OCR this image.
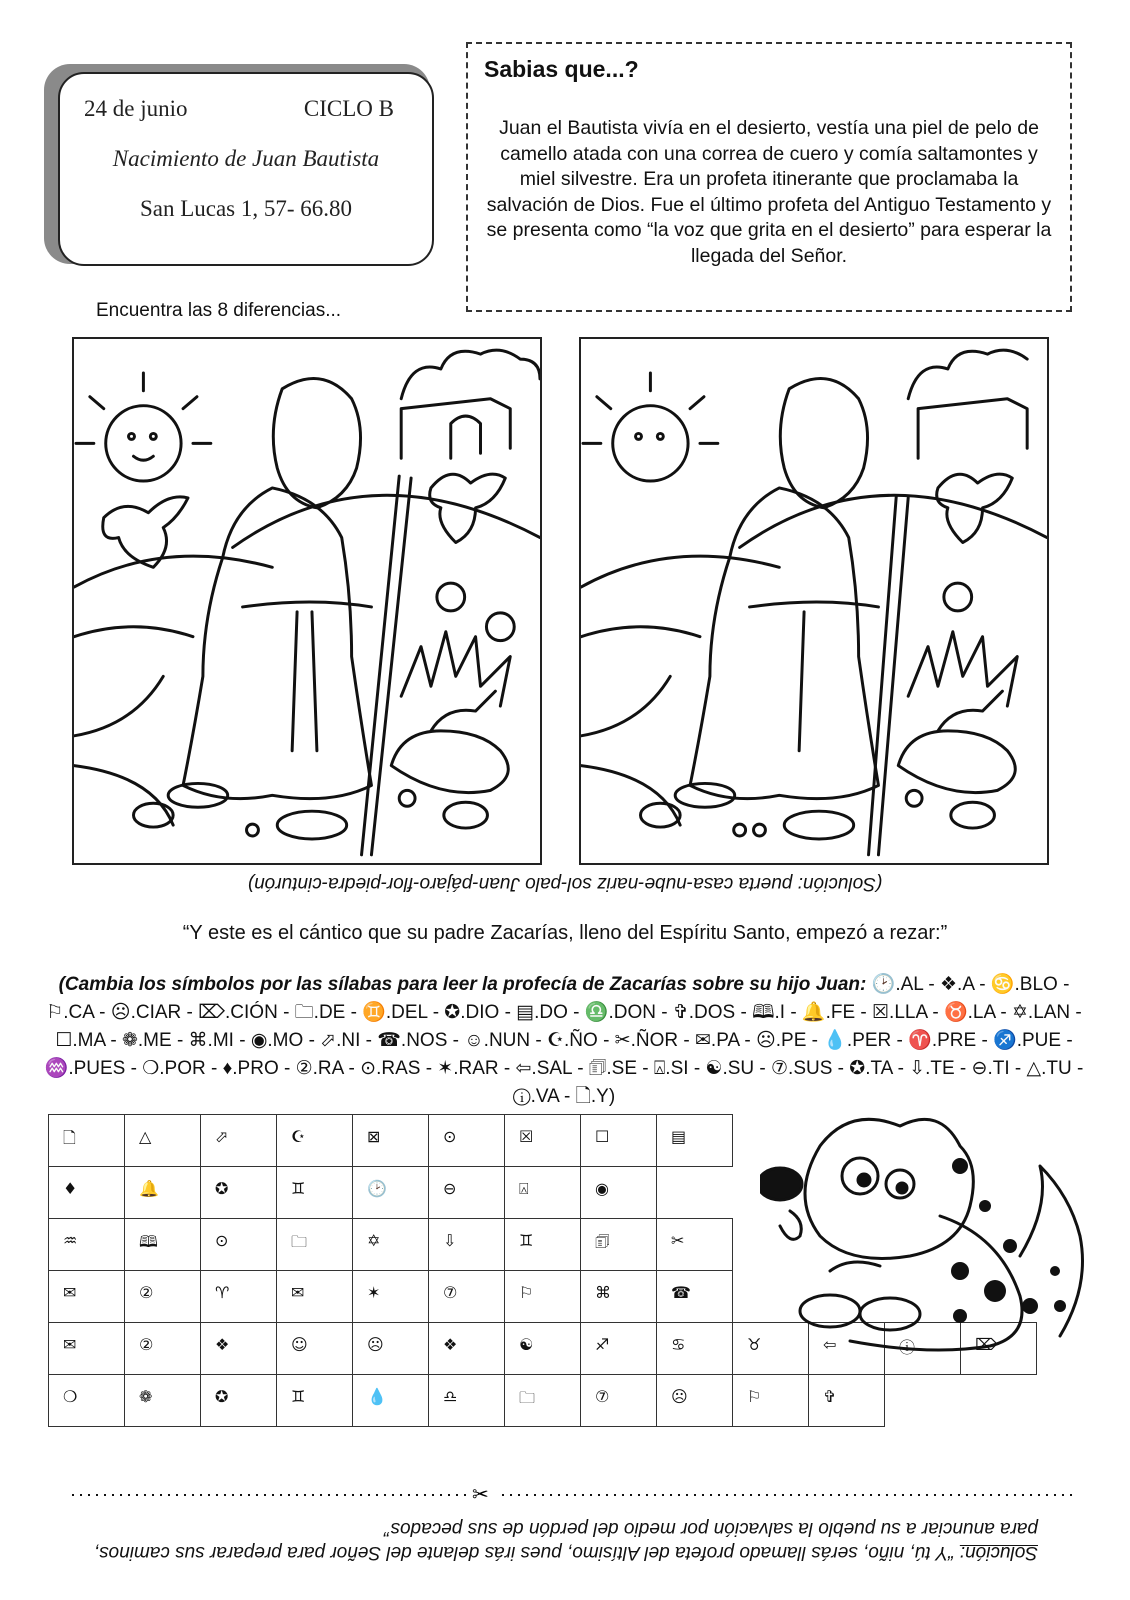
24 de junio	CICLO B
Nacimiento de Juan Bautista
San Lucas 1, 57- 66.80
Sabias que...?
Juan el Bautista vivía en el desierto, vestía una piel de pelo de camello atada con una correa de cuero y comía saltamontes y miel silvestre. Era un profeta itinerante que proclamaba la salvación de Dios. Fue el último profeta del Antiguo Testamento y se presenta como “la voz que grita en el desierto” para esperar la llegada del Señor.
Encuentra las 8 diferencias...
(Solución: puerta casa-nube-nariz sol-palo Juan-pájaro-flor-piedra-cinturón)
“Y este es el cántico que su padre Zacarías, lleno del Espíritu Santo, empezó a rezar:”
(Cambia los símbolos por las sílabas para leer la profecía de Zacarías sobre su hijo Juan: 🕑.AL - ❖.A - ♋.BLO - ⚐.CA - ☹.CIAR - ⌦.CIÓN - 🗀.DE - ♊.DEL - ✪.DIO - ▤.DO - ♎.DON - ✞.DOS - 🕮.I - 🔔.FE - ☒.LLA - ♉.LA - ✡.LAN - ☐.MA - ❁.ME - ⌘.MI - ◉.MO - ⬀.NI - ☎.NOS - ☺.NUN - ☪.ÑO - ✂.ÑOR - ✉.PA - ☹.PE - 💧.PER - ♈.PRE - ♐.PUE - ♒.PUES - ❍.POR - ♦.PRO - ②.RA - ⊙.RAS - ✶.RAR - ⇦.SAL - 🗊.SE - ⍓.SI - ☯.SU - ⑦.SUS - ✪.TA - ⇩.TE - ⊖.TI - △.TU - ⓘ.VA - 🗋.Y)
🗋	△	⬀	☪	⊠	⊙	☒	☐	▤
♦	🔔	✪	♊	🕑	⊖	⍓	◉
♒	🕮	⊙	🗀	✡	⇩	♊	🗊	✂
✉	②	♈	✉	✶	⑦	⚐	⌘	☎
✉	②	❖	☺	☹	❖	☯	♐	♋	♉	⇦	ⓘ	⌦
❍	❁	✪	♊	💧	♎	🗀	⑦	☹	⚐	✞
✂
Solución: “Y tú, niño, serás llamado profeta del Altísimo, pues irás delante del Señor para preparar sus caminos, para anunciar a su pueblo la salvación por medio del perdón de sus pecados”
